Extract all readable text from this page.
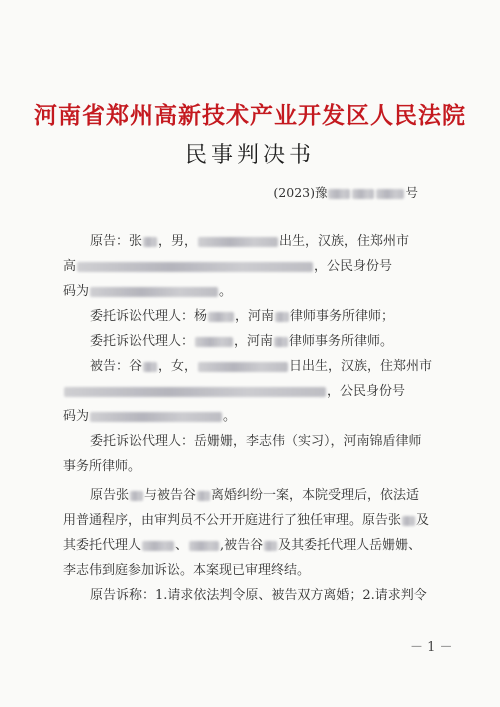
河南省郑州高新技术产业开发区人民法院
民事判决书
(2023)豫	号
原告：张 ，男，	出生，汉族，住郑州市
高	，公民身份号
码为	。
委托诉讼代理人：杨 ，河南 律师事务所律师；
委托诉讼代理人：	，河南 律师事务所律师。
被告：谷 ，女，	日出生，汉族，住郑州市
，公民身份号
码为	。
委托诉讼代理人：岳姗姗，李志伟（实习），河南锦盾律师
事务所律师。
原告张 与被告谷 离婚纠纷一案，本院受理后，依法适
用普通程序，由审判员不公开开庭进行了独任审理。原告张 及
其委托代理人	、 ,被告谷 及其委托代理人岳姗姗、
李志伟到庭参加诉讼。本案现已审理终结。
原告诉称：1.请求依法判令原、被告双方离婚；2.请求判令
－ 1 －
